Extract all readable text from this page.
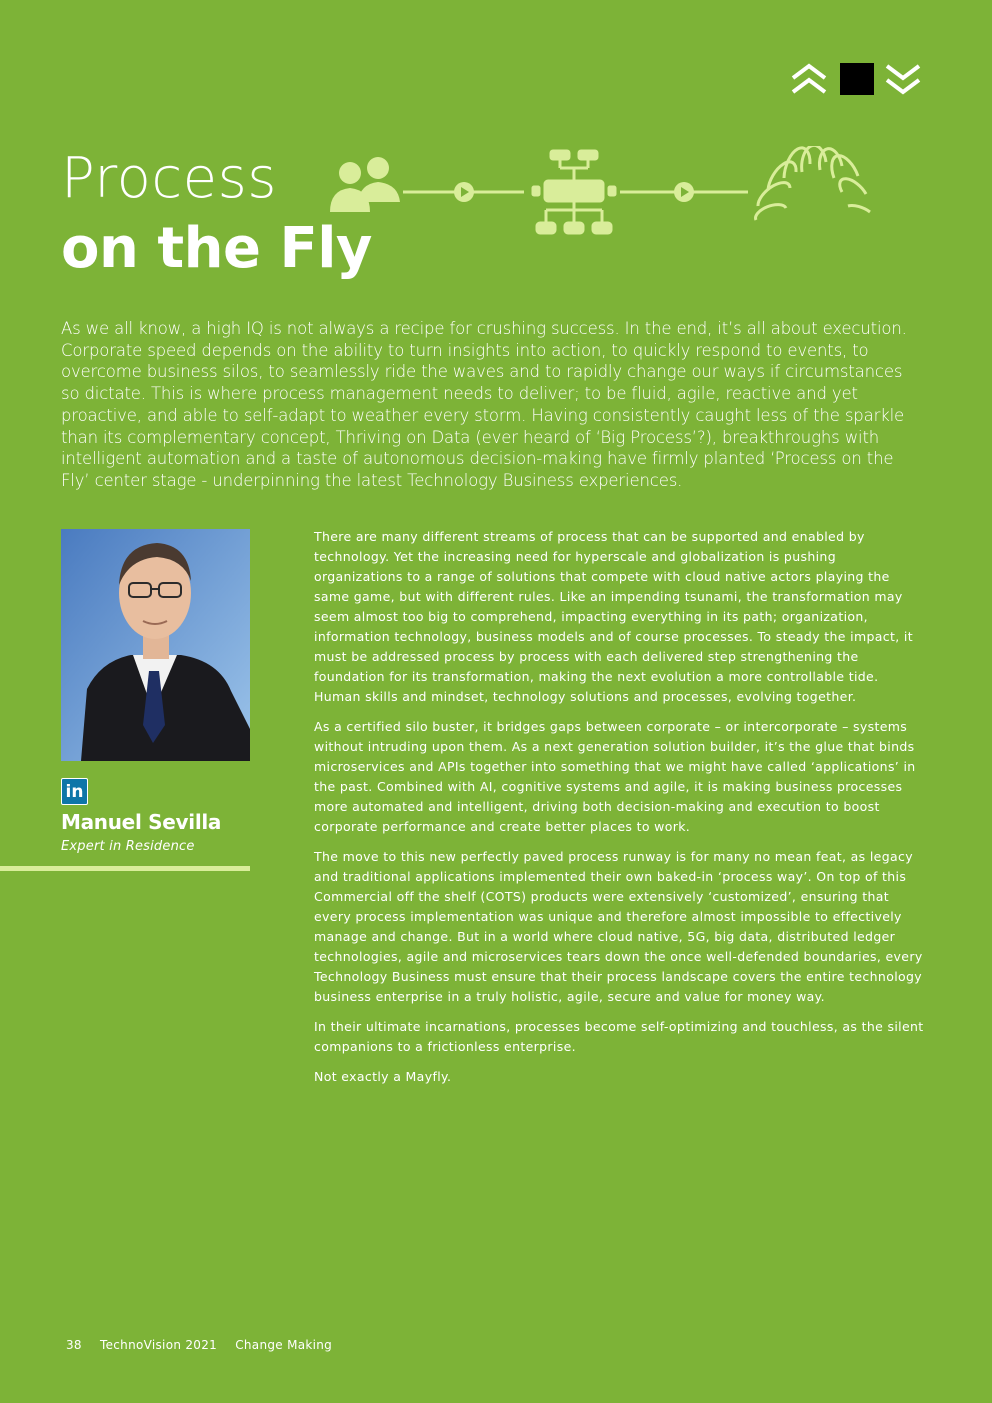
Process
on the Fly

As we all know, a high IQ is not always a recipe for crushing success. In the end, it’s all about execution. Corporate speed depends on the ability to turn insights into action, to quickly respond to events, to overcome business silos, to seamlessly ride the waves and to rapidly change our ways if circumstances so dictate. This is where process management needs to deliver; to be fluid, agile, reactive and yet proactive, and able to self-adapt to weather every storm. Having consistently caught less of the sparkle than its complementary concept, Thriving on Data (ever heard of ‘Big Process’?), breakthroughs with intelligent automation and a taste of autonomous decision-making have firmly planted ‘Process on the Fly’ center stage - underpinning the latest Technology Business experiences.

in
Manuel Sevilla
Expert in Residence

There are many different streams of process that can be supported and enabled by technology. Yet the increasing need for hyperscale and globalization is pushing organizations to a range of solutions that compete with cloud native actors playing the same game, but with different rules. Like an impending tsunami, the transformation may seem almost too big to comprehend, impacting everything in its path; organization, information technology, business models and of course processes. To steady the impact, it must be addressed process by process with each delivered step strengthening the foundation for its transformation, making the next evolution a more controllable tide. Human skills and mindset, technology solutions and processes, evolving together.

As a certified silo buster, it bridges gaps between corporate – or intercorporate – systems without intruding upon them. As a next generation solution builder, it’s the glue that binds microservices and APIs together into something that we might have called ‘applications’ in the past. Combined with AI, cognitive systems and agile, it is making business processes more automated and intelligent, driving both decision-making and execution to boost corporate performance and create better places to work.

The move to this new perfectly paved process runway is for many no mean feat, as legacy and traditional applications implemented their own baked-in ‘process way’. On top of this Commercial off the shelf (COTS) products were extensively ‘customized’, ensuring that every process implementation was unique and therefore almost impossible to effectively manage and change. But in a world where cloud native, 5G, big data, distributed ledger technologies, agile and microservices tears down the once well-defended boundaries, every Technology Business must ensure that their process landscape covers the entire technology business enterprise in a truly holistic, agile, secure and value for money way.

In their ultimate incarnations, processes become self-optimizing and touchless, as the silent companions to a frictionless enterprise.

Not exactly a Mayfly.

38 TechnoVision 2021 Change Making
